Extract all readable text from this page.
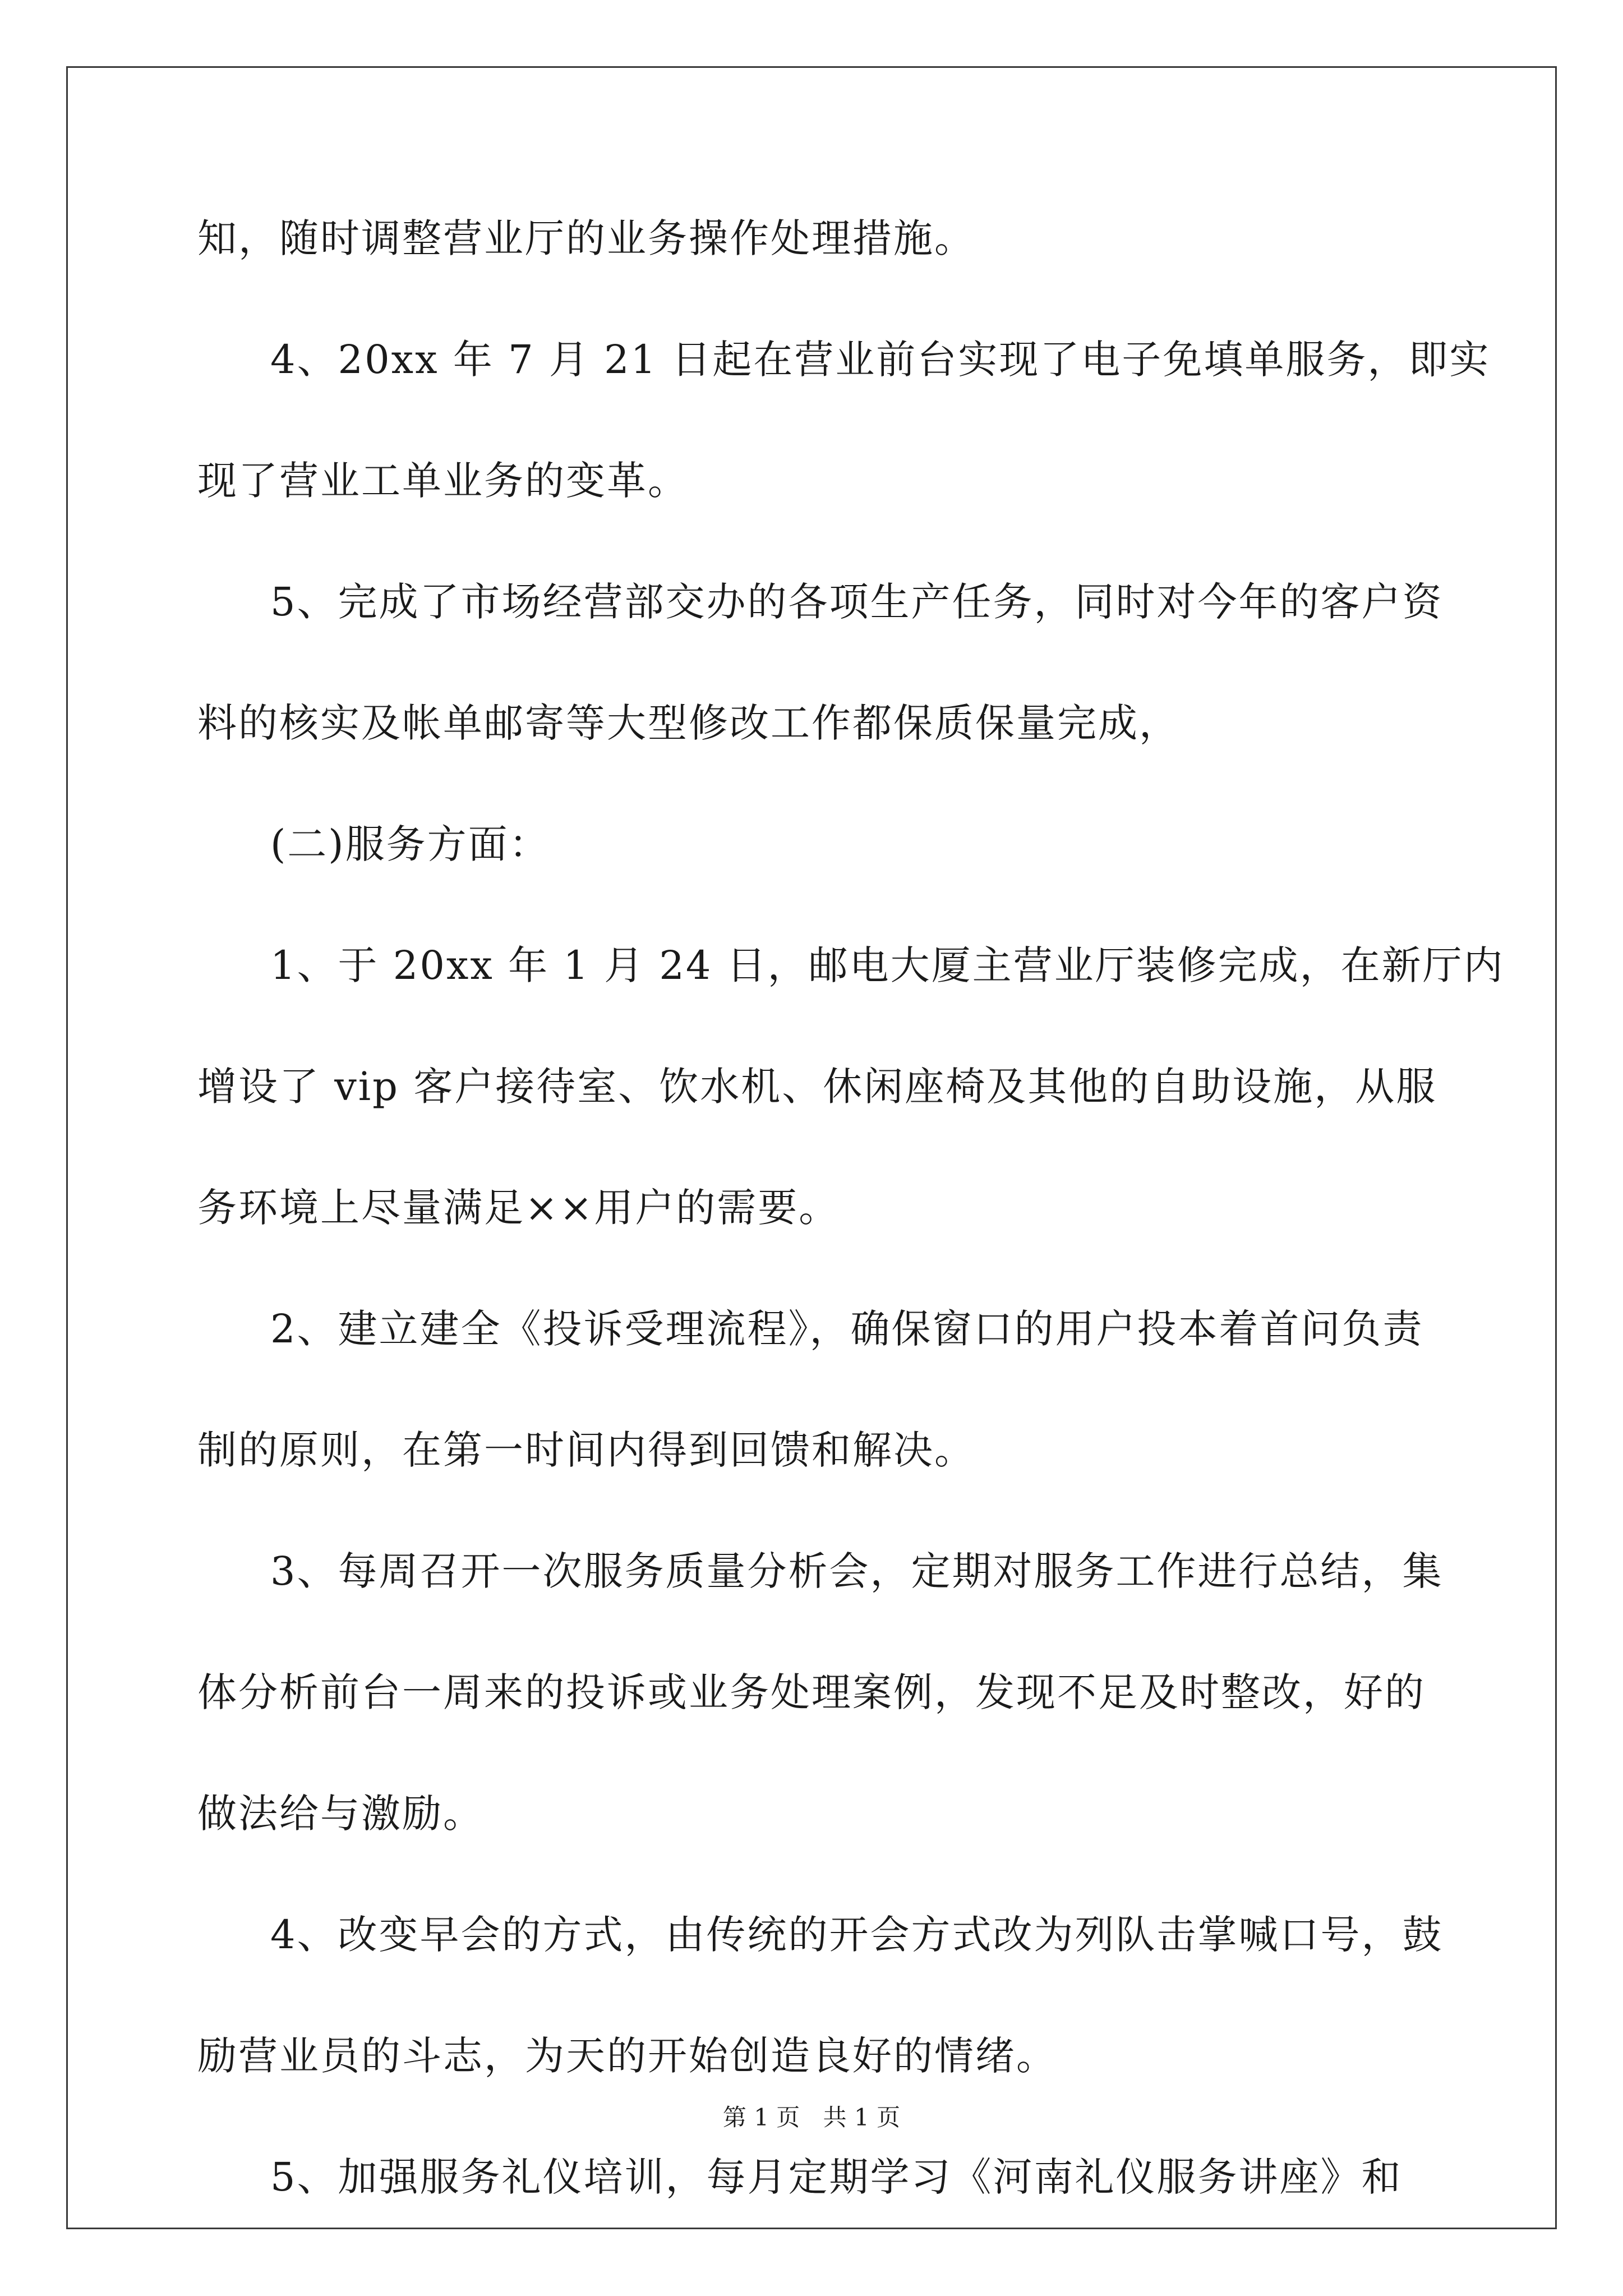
知，随时调整营业厅的业务操作处理措施。
4、20xx 年 7 月 21 日起在营业前台实现了电子免填单服务，即实
现了营业工单业务的变革。
5、完成了市场经营部交办的各项生产任务，同时对今年的客户资
料的核实及帐单邮寄等大型修改工作都保质保量完成，
(二)服务方面：
1、于 20xx 年 1 月 24 日，邮电大厦主营业厅装修完成，在新厅内
增设了 vip 客户接待室、饮水机、休闲座椅及其他的自助设施，从服
务环境上尽量满足××用户的需要。
2、建立建全《投诉受理流程》，确保窗口的用户投本着首问负责
制的原则，在第一时间内得到回馈和解决。
3、每周召开一次服务质量分析会，定期对服务工作进行总结，集
体分析前台一周来的投诉或业务处理案例，发现不足及时整改，好的
做法给与激励。
4、改变早会的方式，由传统的开会方式改为列队击掌喊口号，鼓
励营业员的斗志，为天的开始创造良好的情绪。
5、加强服务礼仪培训，每月定期学习《河南礼仪服务讲座》和
第 1 页 共 1 页
